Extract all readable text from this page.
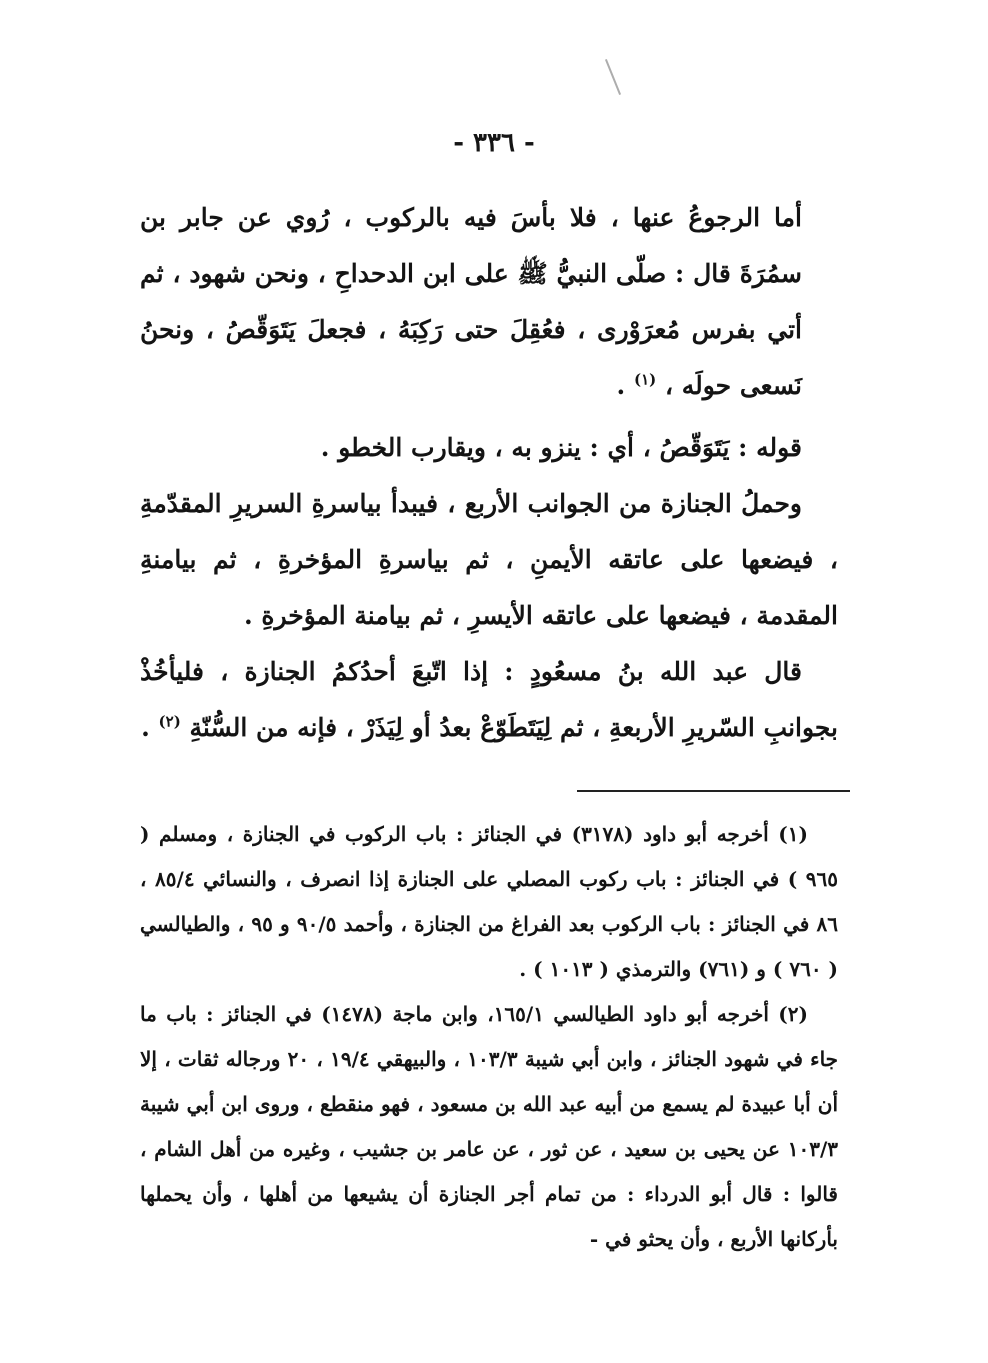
- ٣٣٦ -

أما الرجوعُ عنها ، فلا بأسَ فيه بالركوب ، رُوي عن جابر بن سمُرَةَ قال : صلّى النبيُّ ﷺ على ابن الدحداحِ ، ونحن شهود ، ثم أتي بفرس مُعرَوْرى ، فعُقِلَ حتى رَكِبَهُ ، فجعلَ يَتَوَقّصُ ، ونحنُ نَسعى حولَه ، $^{(١)}$ .

قوله : يَتَوَقّصُ ، أي : ينزو به ، ويقارب الخطو .

وحملُ الجنازة من الجوانب الأربع ، فيبدأ بياسرةِ السريرِ المقدّمةِ ، فيضعها على عاتقه الأيمنِ ، ثم بياسرةِ المؤخرةِ ، ثم بيامنةِ المقدمة ، فيضعها على عاتقه الأيسرِ ، ثم بيامنة المؤخرةِ .

قال عبد الله بنُ مسعُودٍ : إذا اتّبعَ أحدُكمُ الجنازة ، فليأخُذْ بجوانبِ السّريرِ الأربعةِ ، ثم لِيَتَطَوّعْ بعدُ أو لِيَذَرْ ، فإنه من السُّنّةِ $^{(٢)}$ .

(١) أخرجه أبو داود (٣١٧٨) في الجنائز : باب الركوب في الجنازة ، ومسلم ( ٩٦٥ ) في الجنائز : باب ركوب المصلي على الجنازة إذا انصرف ، والنسائي ٨٥/٤ ، ٨٦ في الجنائز : باب الركوب بعد الفراغ من الجنازة ، وأحمد ٩٠/٥ و ٩٥ ، والطيالسي ( ٧٦٠ ) و (٧٦١) والترمذي ( ١٠١٣ ) .

(٢) أخرجه أبو داود الطيالسي ١٦٥/١، وابن ماجة (١٤٧٨) في الجنائز : باب ما جاء في شهود الجنائز ، وابن أبي شيبة ١٠٣/٣ ، والبيهقي ١٩/٤ ، ٢٠ ورجاله ثقات ، إلا أن أبا عبيدة لم يسمع من أبيه عبد الله بن مسعود ، فهو منقطع ، وروى ابن أبي شيبة ١٠٣/٣ عن يحيى بن سعيد ، عن ثور ، عن عامر بن جشيب ، وغيره من أهل الشام ، قالوا : قال أبو الدرداء : من تمام أجر الجنازة أن يشيعها من أهلها ، وأن يحملها بأركانها الأربع ، وأن يحثو في -
